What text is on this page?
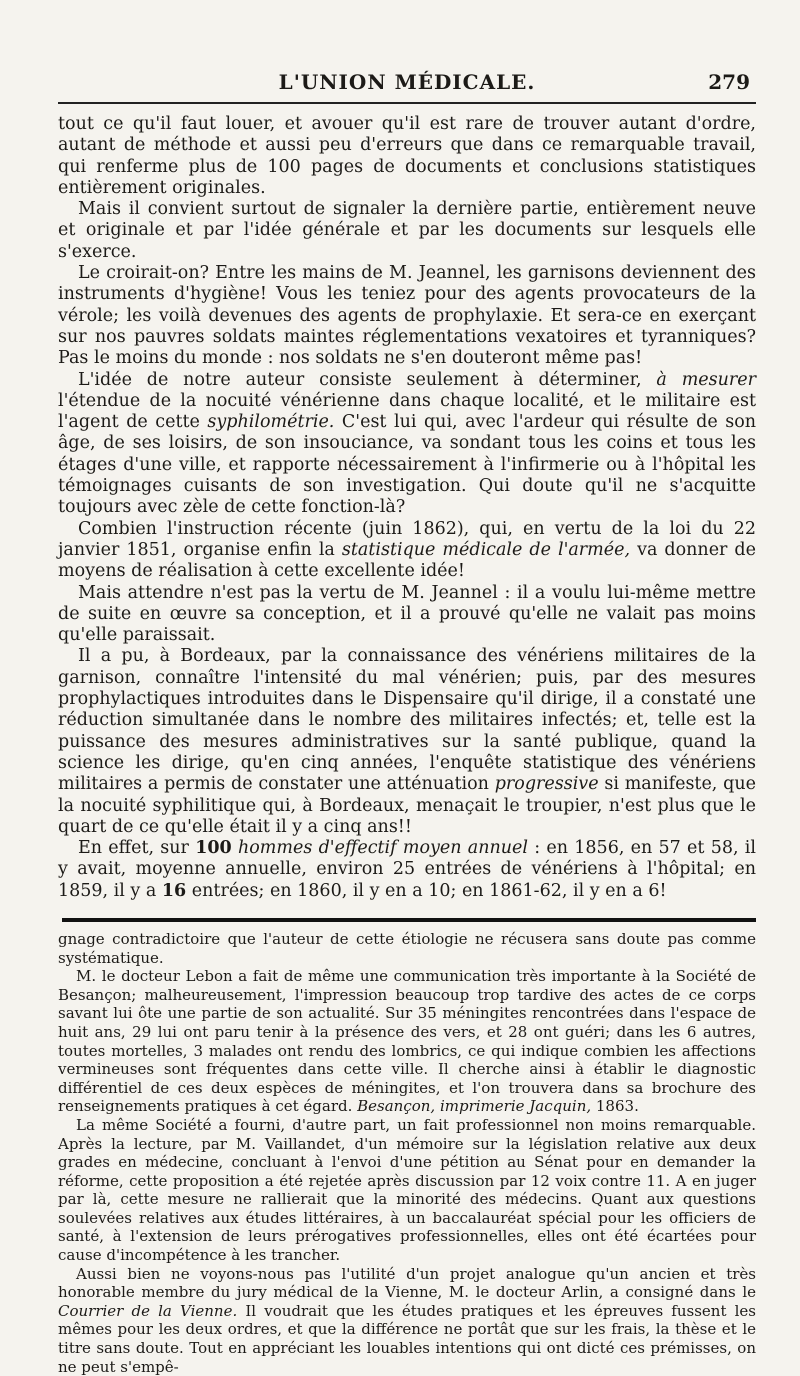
L'UNION MÉDICALE.	279

tout ce qu'il faut louer, et avouer qu'il est rare de trouver autant d'ordre, autant de méthode et aussi peu d'erreurs que dans ce remarquable travail, qui renferme plus de 100 pages de documents et conclusions statistiques entièrement originales.

Mais il convient surtout de signaler la dernière partie, entièrement neuve et originale et par l'idée générale et par les documents sur lesquels elle s'exerce.

Le croirait-on? Entre les mains de M. Jeannel, les garnisons deviennent des instruments d'hygiène! Vous les teniez pour des agents provocateurs de la vérole; les voilà devenues des agents de prophylaxie. Et sera-ce en exerçant sur nos pauvres soldats maintes réglementations vexatoires et tyranniques? Pas le moins du monde : nos soldats ne s'en douteront même pas!

L'idée de notre auteur consiste seulement à déterminer, à mesurer l'étendue de la nocuité vénérienne dans chaque localité, et le militaire est l'agent de cette syphilométrie. C'est lui qui, avec l'ardeur qui résulte de son âge, de ses loisirs, de son insouciance, va sondant tous les coins et tous les étages d'une ville, et rapporte nécessairement à l'infirmerie ou à l'hôpital les témoignages cuisants de son investigation. Qui doute qu'il ne s'acquitte toujours avec zèle de cette fonction-là?

Combien l'instruction récente (juin 1862), qui, en vertu de la loi du 22 janvier 1851, organise enfin la statistique médicale de l'armée, va donner de moyens de réalisation à cette excellente idée!

Mais attendre n'est pas la vertu de M. Jeannel : il a voulu lui-même mettre de suite en œuvre sa conception, et il a prouvé qu'elle ne valait pas moins qu'elle paraissait.

Il a pu, à Bordeaux, par la connaissance des vénériens militaires de la garnison, connaître l'intensité du mal vénérien; puis, par des mesures prophylactiques introduites dans le Dispensaire qu'il dirige, il a constaté une réduction simultanée dans le nombre des militaires infectés; et, telle est la puissance des mesures administratives sur la santé publique, quand la science les dirige, qu'en cinq années, l'enquête statistique des vénériens militaires a permis de constater une atténuation progressive si manifeste, que la nocuité syphilitique qui, à Bordeaux, menaçait le troupier, n'est plus que le quart de ce qu'elle était il y a cinq ans!!

En effet, sur 100 hommes d'effectif moyen annuel : en 1856, en 57 et 58, il y avait, moyenne annuelle, environ 25 entrées de vénériens à l'hôpital; en 1859, il y a 16 entrées; en 1860, il y en a 10; en 1861-62, il y en a 6!

gnage contradictoire que l'auteur de cette étiologie ne récusera sans doute pas comme systématique.

M. le docteur Lebon a fait de même une communication très importante à la Société de Besançon; malheureusement, l'impression beaucoup trop tardive des actes de ce corps savant lui ôte une partie de son actualité. Sur 35 méningites rencontrées dans l'espace de huit ans, 29 lui ont paru tenir à la présence des vers, et 28 ont guéri; dans les 6 autres, toutes mortelles, 3 malades ont rendu des lombrics, ce qui indique combien les affections vermineuses sont fréquentes dans cette ville. Il cherche ainsi à établir le diagnostic différentiel de ces deux espèces de méningites, et l'on trouvera dans sa brochure des renseignements pratiques à cet égard. Besançon, imprimerie Jacquin, 1863.

La même Société a fourni, d'autre part, un fait professionnel non moins remarquable. Après la lecture, par M. Vaillandet, d'un mémoire sur la législation relative aux deux grades en médecine, concluant à l'envoi d'une pétition au Sénat pour en demander la réforme, cette proposition a été rejetée après discussion par 12 voix contre 11. A en juger par là, cette mesure ne rallierait que la minorité des médecins. Quant aux questions soulevées relatives aux études littéraires, à un baccalauréat spécial pour les officiers de santé, à l'extension de leurs prérogatives professionnelles, elles ont été écartées pour cause d'incompétence à les trancher.

Aussi bien ne voyons-nous pas l'utilité d'un projet analogue qu'un ancien et très honorable membre du jury médical de la Vienne, M. le docteur Arlin, a consigné dans le Courrier de la Vienne. Il voudrait que les études pratiques et les épreuves fussent les mêmes pour les deux ordres, et que la différence ne portât que sur les frais, la thèse et le titre sans doute. Tout en appréciant les louables intentions qui ont dicté ces prémisses, on ne peut s'empê-
